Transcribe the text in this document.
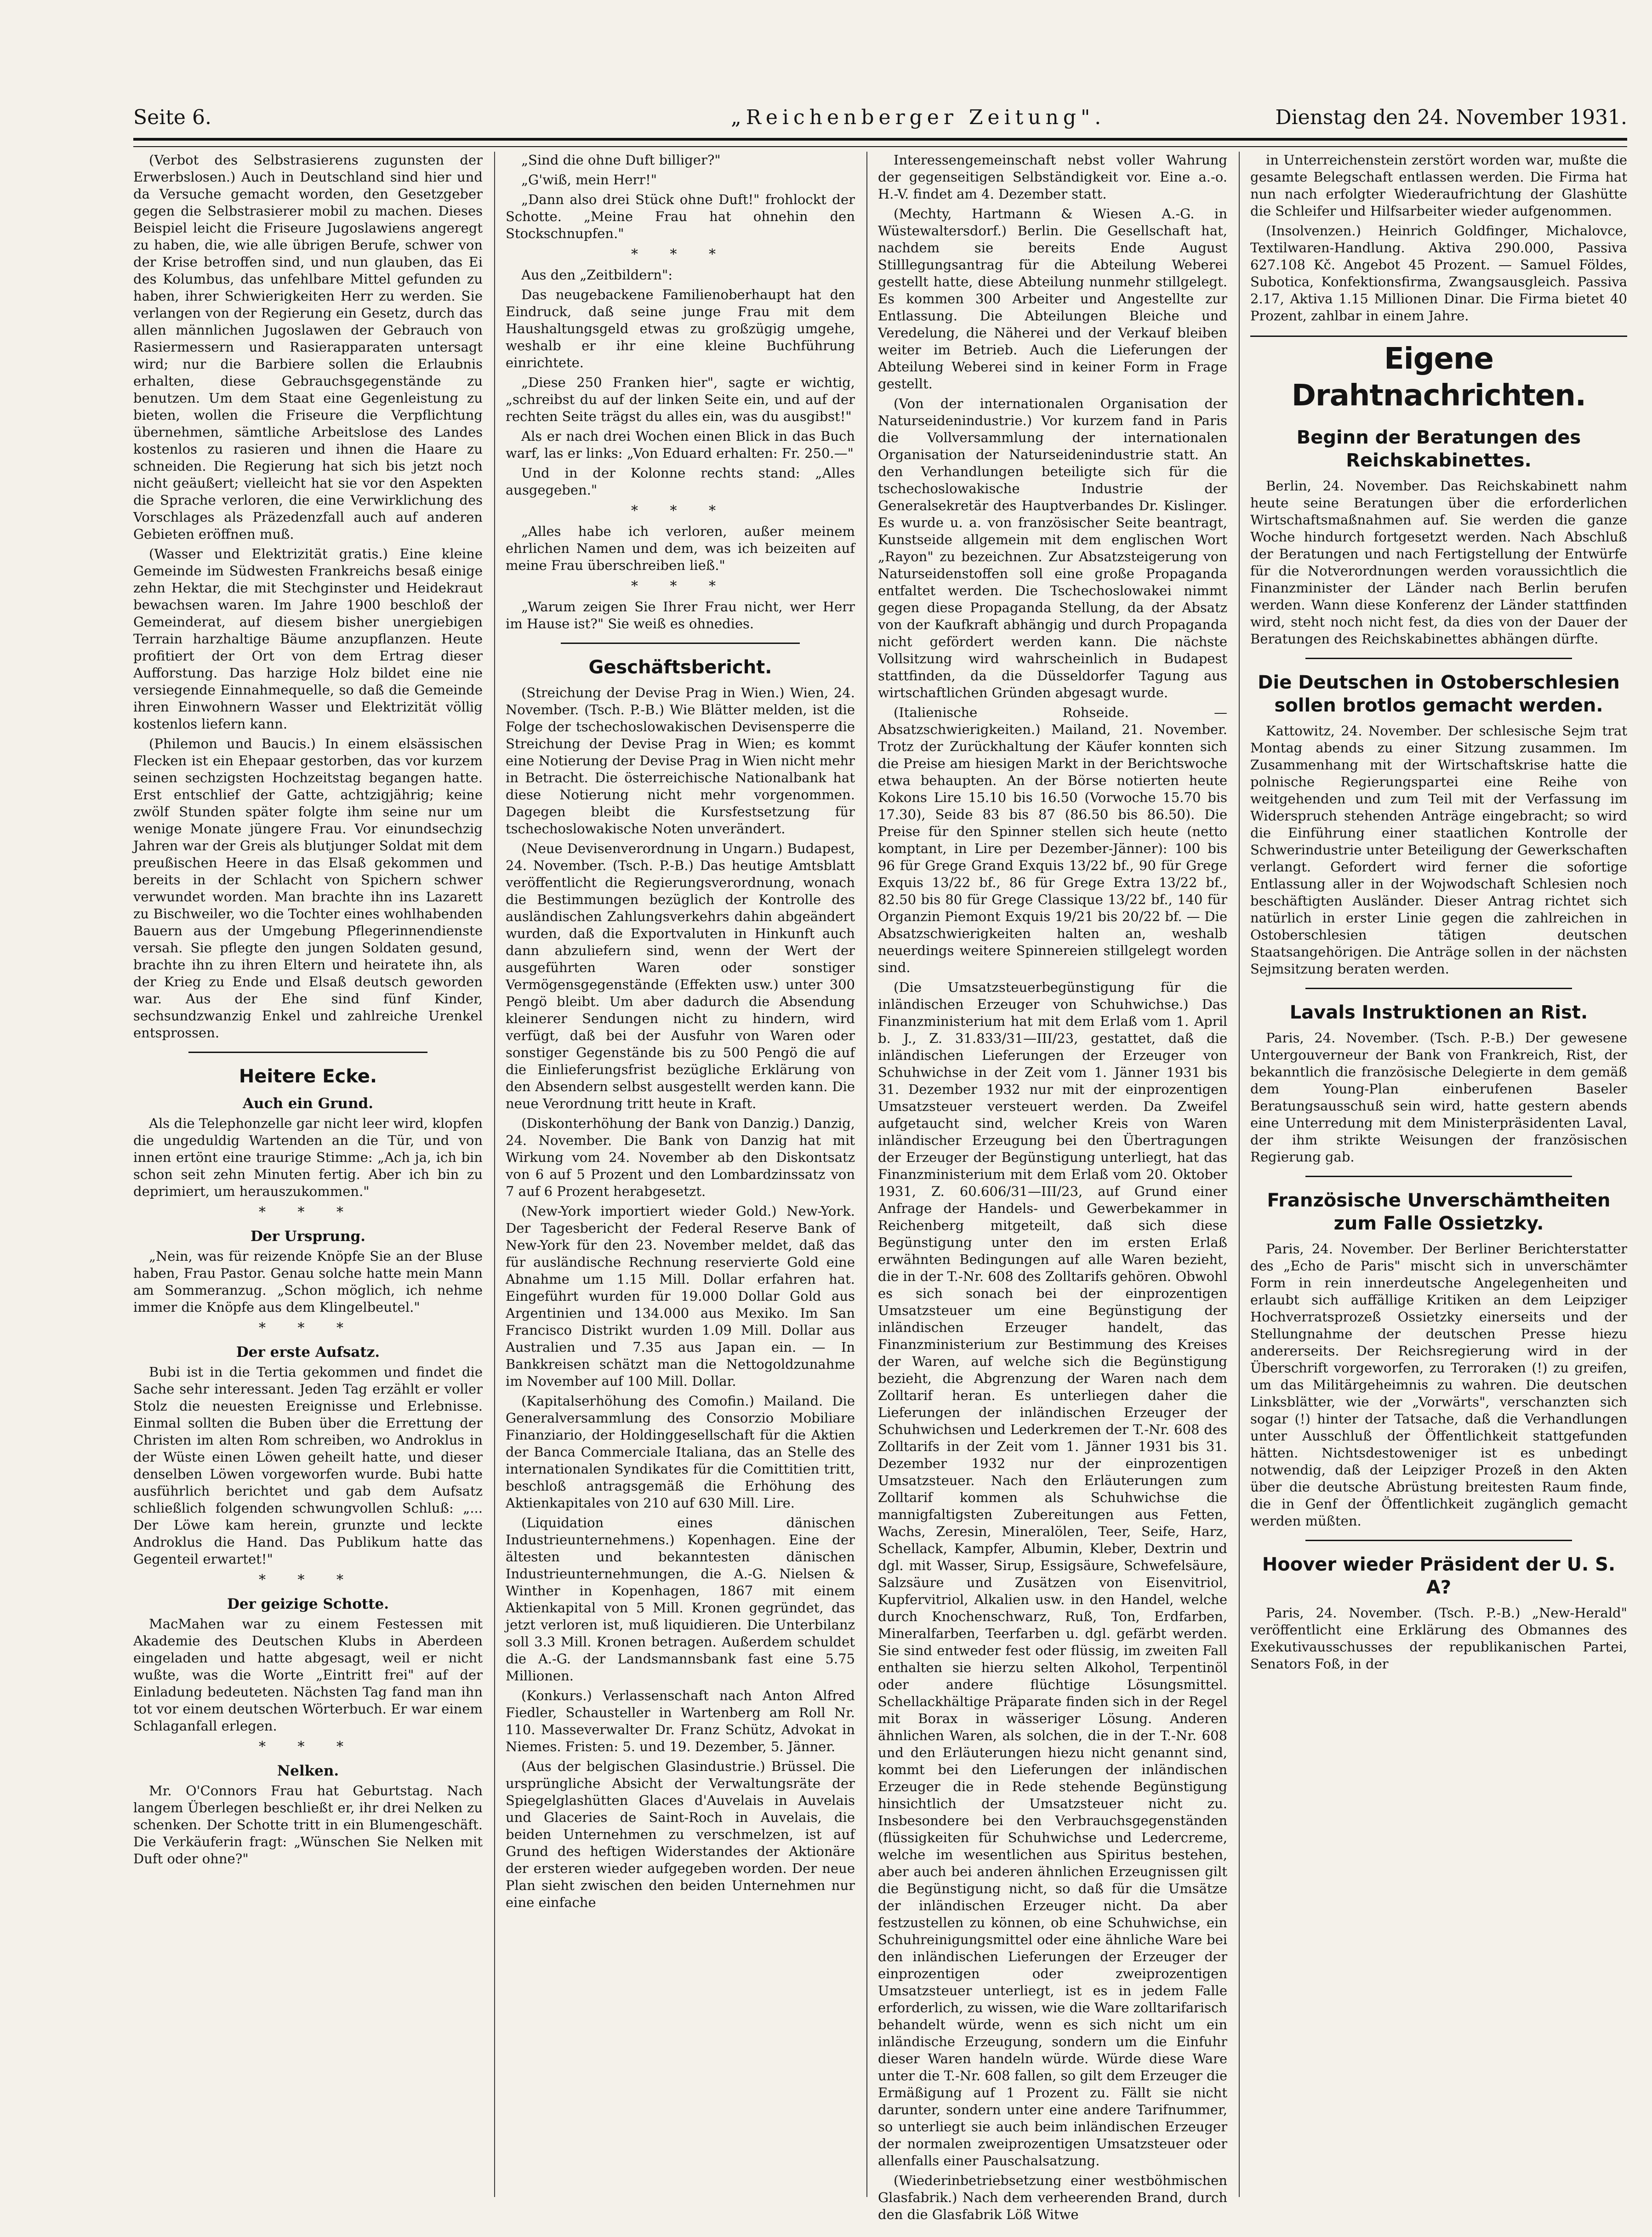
Seite 6.	„Reichenberger Zeitung".	Dienstag den 24. November 1931.

(Verbot des Selbstrasierens zugunsten der Erwerbslosen.) Auch in Deutschland sind hier und da Versuche gemacht worden, den Gesetzgeber gegen die Selbstrasierer mobil zu machen. Dieses Beispiel leicht die Friseure Jugoslawiens angeregt zu haben, die, wie alle übrigen Berufe, schwer von der Krise betroffen sind, und nun glauben, das Ei des Kolumbus, das unfehlbare Mittel gefunden zu haben, ihrer Schwierigkeiten Herr zu werden. Sie verlangen von der Regierung ein Gesetz, durch das allen männlichen Jugoslawen der Gebrauch von Rasiermessern und Rasierapparaten untersagt wird; nur die Barbiere sollen die Erlaubnis erhalten, diese Gebrauchsgegenstände zu benutzen. Um dem Staat eine Gegenleistung zu bieten, wollen die Friseure die Verpflichtung übernehmen, sämtliche Arbeitslose des Landes kostenlos zu rasieren und ihnen die Haare zu schneiden. Die Regierung hat sich bis jetzt noch nicht geäußert; vielleicht hat sie vor den Aspekten die Sprache verloren, die eine Verwirklichung des Vorschlages als Präzedenzfall auch auf anderen Gebieten eröffnen muß.

(Wasser und Elektrizität gratis.) Eine kleine Gemeinde im Südwesten Frankreichs besaß einige zehn Hektar, die mit Stechginster und Heidekraut bewachsen waren. Im Jahre 1900 beschloß der Gemeinderat, auf diesem bisher unergiebigen Terrain harzhaltige Bäume anzupflanzen. Heute profitiert der Ort von dem Ertrag dieser Aufforstung. Das harzige Holz bildet eine nie versiegende Einnahmequelle, so daß die Gemeinde ihren Einwohnern Wasser und Elektrizität völlig kostenlos liefern kann.

(Philemon und Baucis.) In einem elsässischen Flecken ist ein Ehepaar gestorben, das vor kurzem seinen sechzigsten Hochzeitstag begangen hatte. Erst entschlief der Gatte, achtzigjährig; keine zwölf Stunden später folgte ihm seine nur um wenige Monate jüngere Frau. Vor einundsechzig Jahren war der Greis als blutjunger Soldat mit dem preußischen Heere in das Elsaß gekommen und bereits in der Schlacht von Spichern schwer verwundet worden. Man brachte ihn ins Lazarett zu Bischweiler, wo die Tochter eines wohlhabenden Bauern aus der Umgebung Pflegerinnendienste versah. Sie pflegte den jungen Soldaten gesund, brachte ihn zu ihren Eltern und heiratete ihn, als der Krieg zu Ende und Elsaß deutsch geworden war. Aus der Ehe sind fünf Kinder, sechsundzwanzig Enkel und zahlreiche Urenkel entsprossen.

Heitere Ecke.
Auch ein Grund.

Als die Telephonzelle gar nicht leer wird, klopfen die ungeduldig Wartenden an die Tür, und von innen ertönt eine traurige Stimme: „Ach ja, ich bin schon seit zehn Minuten fertig. Aber ich bin zu deprimiert, um herauszukommen."

* * *
Der Ursprung.

„Nein, was für reizende Knöpfe Sie an der Bluse haben, Frau Pastor. Genau solche hatte mein Mann am Sommeranzug. „Schon möglich, ich nehme immer die Knöpfe aus dem Klingelbeutel."

* * *
Der erste Aufsatz.

Bubi ist in die Tertia gekommen und findet die Sache sehr interessant. Jeden Tag erzählt er voller Stolz die neuesten Ereignisse und Erlebnisse. Einmal sollten die Buben über die Errettung der Christen im alten Rom schreiben, wo Androklus in der Wüste einen Löwen geheilt hatte, und dieser denselben Löwen vorgeworfen wurde. Bubi hatte ausführlich berichtet und gab dem Aufsatz schließlich folgenden schwungvollen Schluß: „... Der Löwe kam herein, grunzte und leckte Androklus die Hand. Das Publikum hatte das Gegenteil erwartet!"

* * *
Der geizige Schotte.

MacMahen war zu einem Festessen mit Akademie des Deutschen Klubs in Aberdeen eingeladen und hatte abgesagt, weil er nicht wußte, was die Worte „Eintritt frei" auf der Einladung bedeuteten. Nächsten Tag fand man ihn tot vor einem deutschen Wörterbuch. Er war einem Schlaganfall erlegen.

* * *
Nelken.

Mr. O'Connors Frau hat Geburtstag. Nach langem Überlegen beschließt er, ihr drei Nelken zu schenken. Der Schotte tritt in ein Blumengeschäft. Die Verkäuferin fragt: „Wünschen Sie Nelken mit Duft oder ohne?"

„Sind die ohne Duft billiger?"

„G'wiß, mein Herr!"

„Dann also drei Stück ohne Duft!" frohlockt der Schotte. „Meine Frau hat ohnehin den Stockschnupfen."

* * *

Aus den „Zeitbildern":

Das neugebackene Familienoberhaupt hat den Eindruck, daß seine junge Frau mit dem Haushaltungsgeld etwas zu großzügig umgehe, weshalb er ihr eine kleine Buchführung einrichtete.

„Diese 250 Franken hier", sagte er wichtig, „schreibst du auf der linken Seite ein, und auf der rechten Seite trägst du alles ein, was du ausgibst!"

Als er nach drei Wochen einen Blick in das Buch warf, las er links: „Von Eduard erhalten: Fr. 250.—"

Und in der Kolonne rechts stand: „Alles ausgegeben."

* * *

„Alles habe ich verloren, außer meinem ehrlichen Namen und dem, was ich beizeiten auf meine Frau überschreiben ließ."

* * *

„Warum zeigen Sie Ihrer Frau nicht, wer Herr im Hause ist?" Sie weiß es ohnedies.

Geschäftsbericht.

(Streichung der Devise Prag in Wien.) Wien, 24. November. (Tsch. P.-B.) Wie Blätter melden, ist die Folge der tschechoslowakischen Devisensperre die Streichung der Devise Prag in Wien; es kommt eine Notierung der Devise Prag in Wien nicht mehr in Betracht. Die österreichische Nationalbank hat diese Notierung nicht mehr vorgenommen. Dagegen bleibt die Kursfestsetzung für tschechoslowakische Noten unverändert.

(Neue Devisenverordnung in Ungarn.) Budapest, 24. November. (Tsch. P.-B.) Das heutige Amtsblatt veröffentlicht die Regierungsverordnung, wonach die Bestimmungen bezüglich der Kontrolle des ausländischen Zahlungsverkehrs dahin abgeändert wurden, daß die Exportvaluten in Hinkunft auch dann abzuliefern sind, wenn der Wert der ausgeführten Waren oder sonstiger Vermögensgegenstände (Effekten usw.) unter 300 Pengö bleibt. Um aber dadurch die Absendung kleinerer Sendungen nicht zu hindern, wird verfügt, daß bei der Ausfuhr von Waren oder sonstiger Gegenstände bis zu 500 Pengö die auf die Einlieferungsfrist bezügliche Erklärung von den Absendern selbst ausgestellt werden kann. Die neue Verordnung tritt heute in Kraft.

(Diskonterhöhung der Bank von Danzig.) Danzig, 24. November. Die Bank von Danzig hat mit Wirkung vom 24. November ab den Diskontsatz von 6 auf 5 Prozent und den Lombardzinssatz von 7 auf 6 Prozent herabgesetzt.

(New-York importiert wieder Gold.) New-York. Der Tagesbericht der Federal Reserve Bank of New-York für den 23. November meldet, daß das für ausländische Rechnung reservierte Gold eine Abnahme um 1.15 Mill. Dollar erfahren hat. Eingeführt wurden für 19.000 Dollar Gold aus Argentinien und 134.000 aus Mexiko. Im San Francisco Distrikt wurden 1.09 Mill. Dollar aus Australien und 7.35 aus Japan ein. — In Bankkreisen schätzt man die Nettogoldzunahme im November auf 100 Mill. Dollar.

(Kapitalserhöhung des Comofin.) Mailand. Die Generalversammlung des Consorzio Mobiliare Finanziario, der Holdinggesellschaft für die Aktien der Banca Commerciale Italiana, das an Stelle des internationalen Syndikates für die Comittitien tritt, beschloß antragsgemäß die Erhöhung des Aktienkapitales von 210 auf 630 Mill. Lire.

(Liquidation eines dänischen Industrieunternehmens.) Kopenhagen. Eine der ältesten und bekanntesten dänischen Industrieunternehmungen, die A.-G. Nielsen & Winther in Kopenhagen, 1867 mit einem Aktienkapital von 5 Mill. Kronen gegründet, das jetzt verloren ist, muß liquidieren. Die Unterbilanz soll 3.3 Mill. Kronen betragen. Außerdem schuldet die A.-G. der Landsmannsbank fast eine 5.75 Millionen.

(Konkurs.) Verlassenschaft nach Anton Alfred Fiedler, Schausteller in Wartenberg am Roll Nr. 110. Masseverwalter Dr. Franz Schütz, Advokat in Niemes. Fristen: 5. und 19. Dezember, 5. Jänner.

(Aus der belgischen Glasindustrie.) Brüssel. Die ursprüngliche Absicht der Verwaltungsräte der Spiegelglashütten Glaces d'Auvelais in Auvelais und Glaceries de Saint-Roch in Auvelais, die beiden Unternehmen zu verschmelzen, ist auf Grund des heftigen Widerstandes der Aktionäre der ersteren wieder aufgegeben worden. Der neue Plan sieht zwischen den beiden Unternehmen nur eine einfache

Interessengemeinschaft nebst voller Wahrung der gegenseitigen Selbständigkeit vor. Eine a.-o. H.-V. findet am 4. Dezember statt.

(Mechty, Hartmann & Wiesen A.-G. in Wüstewaltersdorf.) Berlin. Die Gesellschaft hat, nachdem sie bereits Ende August Stilllegungsantrag für die Abteilung Weberei gestellt hatte, diese Abteilung nunmehr stillgelegt. Es kommen 300 Arbeiter und Angestellte zur Entlassung. Die Abteilungen Bleiche und Veredelung, die Näherei und der Verkauf bleiben weiter im Betrieb. Auch die Lieferungen der Abteilung Weberei sind in keiner Form in Frage gestellt.

(Von der internationalen Organisation der Naturseidenindustrie.) Vor kurzem fand in Paris die Vollversammlung der internationalen Organisation der Naturseidenindustrie statt. An den Verhandlungen beteiligte sich für die tschechoslowakische Industrie der Generalsekretär des Hauptverbandes Dr. Kislinger. Es wurde u. a. von französischer Seite beantragt, Kunstseide allgemein mit dem englischen Wort „Rayon" zu bezeichnen. Zur Absatzsteigerung von Naturseidenstoffen soll eine große Propaganda entfaltet werden. Die Tschechoslowakei nimmt gegen diese Propaganda Stellung, da der Absatz von der Kaufkraft abhängig und durch Propaganda nicht gefördert werden kann. Die nächste Vollsitzung wird wahrscheinlich in Budapest stattfinden, da die Düsseldorfer Tagung aus wirtschaftlichen Gründen abgesagt wurde.

(Italienische Rohseide. — Absatzschwierigkeiten.) Mailand, 21. November. Trotz der Zurückhaltung der Käufer konnten sich die Preise am hiesigen Markt in der Berichtswoche etwa behaupten. An der Börse notierten heute Kokons Lire 15.10 bis 16.50 (Vorwoche 15.70 bis 17.30), Seide 83 bis 87 (86.50 bis 86.50). Die Preise für den Spinner stellen sich heute (netto komptant, in Lire per Dezember-Jänner): 100 bis 96 für Grege Grand Exquis 13/22 bf., 90 für Grege Exquis 13/22 bf., 86 für Grege Extra 13/22 bf., 82.50 bis 80 für Grege Classique 13/22 bf., 140 für Organzin Piemont Exquis 19/21 bis 20/22 bf. — Die Absatzschwierigkeiten halten an, weshalb neuerdings weitere Spinnereien stillgelegt worden sind.

(Die Umsatzsteuerbegünstigung für die inländischen Erzeuger von Schuhwichse.) Das Finanzministerium hat mit dem Erlaß vom 1. April b. J., Z. 31.833/31—III/23, gestattet, daß die inländischen Lieferungen der Erzeuger von Schuhwichse in der Zeit vom 1. Jänner 1931 bis 31. Dezember 1932 nur mit der einprozentigen Umsatzsteuer versteuert werden. Da Zweifel aufgetaucht sind, welcher Kreis von Waren inländischer Erzeugung bei den Übertragungen der Erzeuger der Begünstigung unterliegt, hat das Finanzministerium mit dem Erlaß vom 20. Oktober 1931, Z. 60.606/31—III/23, auf Grund einer Anfrage der Handels- und Gewerbekammer in Reichenberg mitgeteilt, daß sich diese Begünstigung unter den im ersten Erlaß erwähnten Bedingungen auf alle Waren bezieht, die in der T.-Nr. 608 des Zolltarifs gehören. Obwohl es sich sonach bei der einprozentigen Umsatzsteuer um eine Begünstigung der inländischen Erzeuger handelt, das Finanzministerium zur Bestimmung des Kreises der Waren, auf welche sich die Begünstigung bezieht, die Abgrenzung der Waren nach dem Zolltarif heran. Es unterliegen daher die Lieferungen der inländischen Erzeuger der Schuhwichsen und Lederkremen der T.-Nr. 608 des Zolltarifs in der Zeit vom 1. Jänner 1931 bis 31. Dezember 1932 nur der einprozentigen Umsatzsteuer. Nach den Erläuterungen zum Zolltarif kommen als Schuhwichse die mannigfaltigsten Zubereitungen aus Fetten, Wachs, Zeresin, Mineralölen, Teer, Seife, Harz, Schellack, Kampfer, Albumin, Kleber, Dextrin und dgl. mit Wasser, Sirup, Essigsäure, Schwefelsäure, Salzsäure und Zusätzen von Eisenvitriol, Kupfervitriol, Alkalien usw. in den Handel, welche durch Knochenschwarz, Ruß, Ton, Erdfarben, Mineralfarben, Teerfarben u. dgl. gefärbt werden. Sie sind entweder fest oder flüssig, im zweiten Fall enthalten sie hierzu selten Alkohol, Terpentinöl oder andere flüchtige Lösungsmittel. Schellackhältige Präparate finden sich in der Regel mit Borax in wässeriger Lösung. Anderen ähnlichen Waren, als solchen, die in der T.-Nr. 608 und den Erläuterungen hiezu nicht genannt sind, kommt bei den Lieferungen der inländischen Erzeuger die in Rede stehende Begünstigung hinsichtlich der Umsatzsteuer nicht zu. Insbesondere bei den Verbrauchsgegenständen (flüssigkeiten für Schuhwichse und Ledercreme, welche im wesentlichen aus Spiritus bestehen, aber auch bei anderen ähnlichen Erzeugnissen gilt die Begünstigung nicht, so daß für die Umsätze der inländischen Erzeuger nicht. Da aber festzustellen zu können, ob eine Schuhwichse, ein Schuhreinigungsmittel oder eine ähnliche Ware bei den inländischen Lieferungen der Erzeuger der einprozentigen oder zweiprozentigen Umsatzsteuer unterliegt, ist es in jedem Falle erforderlich, zu wissen, wie die Ware zolltarifarisch behandelt würde, wenn es sich nicht um ein inländische Erzeugung, sondern um die Einfuhr dieser Waren handeln würde. Würde diese Ware unter die T.-Nr. 608 fallen, so gilt dem Erzeuger die Ermäßigung auf 1 Prozent zu. Fällt sie nicht darunter, sondern unter eine andere Tarifnummer, so unterliegt sie auch beim inländischen Erzeuger der normalen zweiprozentigen Umsatzsteuer oder allenfalls einer Pauschalsatzung.

(Wiederinbetriebsetzung einer westböhmischen Glasfabrik.) Nach dem verheerenden Brand, durch den die Glasfabrik Löß Witwe

in Unterreichenstein zerstört worden war, mußte die gesamte Belegschaft entlassen werden. Die Firma hat nun nach erfolgter Wiederaufrichtung der Glashütte die Schleifer und Hilfsarbeiter wieder aufgenommen.

(Insolvenzen.) Heinrich Goldfinger, Michalovce, Textilwaren-Handlung. Aktiva 290.000, Passiva 627.108 Kč. Angebot 45 Prozent. — Samuel Földes, Subotica, Konfektionsfirma, Zwangsausgleich. Passiva 2.17, Aktiva 1.15 Millionen Dinar. Die Firma bietet 40 Prozent, zahlbar in einem Jahre.

Eigene Drahtnachrichten.
Beginn der Beratungen des Reichskabinettes.

Berlin, 24. November. Das Reichskabinett nahm heute seine Beratungen über die erforderlichen Wirtschaftsmaßnahmen auf. Sie werden die ganze Woche hindurch fortgesetzt werden. Nach Abschluß der Beratungen und nach Fertigstellung der Entwürfe für die Notverordnungen werden voraussichtlich die Finanzminister der Länder nach Berlin berufen werden. Wann diese Konferenz der Länder stattfinden wird, steht noch nicht fest, da dies von der Dauer der Beratungen des Reichskabinettes abhängen dürfte.

Die Deutschen in Ostoberschlesien sollen brotlos gemacht werden.

Kattowitz, 24. November. Der schlesische Sejm trat Montag abends zu einer Sitzung zusammen. Im Zusammenhang mit der Wirtschaftskrise hatte die polnische Regierungspartei eine Reihe von weitgehenden und zum Teil mit der Verfassung im Widerspruch stehenden Anträge eingebracht; so wird die Einführung einer staatlichen Kontrolle der Schwerindustrie unter Beteiligung der Gewerkschaften verlangt. Gefordert wird ferner die sofortige Entlassung aller in der Wojwodschaft Schlesien noch beschäftigten Ausländer. Dieser Antrag richtet sich natürlich in erster Linie gegen die zahlreichen in Ostoberschlesien tätigen deutschen Staatsangehörigen. Die Anträge sollen in der nächsten Sejmsitzung beraten werden.

Lavals Instruktionen an Rist.

Paris, 24. November. (Tsch. P.-B.) Der gewesene Untergouverneur der Bank von Frankreich, Rist, der bekanntlich die französische Delegierte in dem gemäß dem Young-Plan einberufenen Baseler Beratungsausschuß sein wird, hatte gestern abends eine Unterredung mit dem Ministerpräsidenten Laval, der ihm strikte Weisungen der französischen Regierung gab.

Französische Unverschämtheiten zum Falle Ossietzky.

Paris, 24. November. Der Berliner Berichterstatter des „Echo de Paris" mischt sich in unverschämter Form in rein innerdeutsche Angelegenheiten und erlaubt sich auffällige Kritiken an dem Leipziger Hochverratsprozeß Ossietzky einerseits und der Stellungnahme der deutschen Presse hiezu andererseits. Der Reichsregierung wird in der Überschrift vorgeworfen, zu Terroraken (!) zu greifen, um das Militärgeheimnis zu wahren. Die deutschen Linksblätter, wie der „Vorwärts", verschanzten sich sogar (!) hinter der Tatsache, daß die Verhandlungen unter Ausschluß der Öffentlichkeit stattgefunden hätten. Nichtsdestoweniger ist es unbedingt notwendig, daß der Leipziger Prozeß in den Akten über die deutsche Abrüstung breitesten Raum finde, die in Genf der Öffentlichkeit zugänglich gemacht werden müßten.

Hoover wieder Präsident der U. S. A?

Paris, 24. November. (Tsch. P.-B.) „New-Herald" veröffentlicht eine Erklärung des Obmannes des Exekutivausschusses der republikanischen Partei, Senators Foß, in der
